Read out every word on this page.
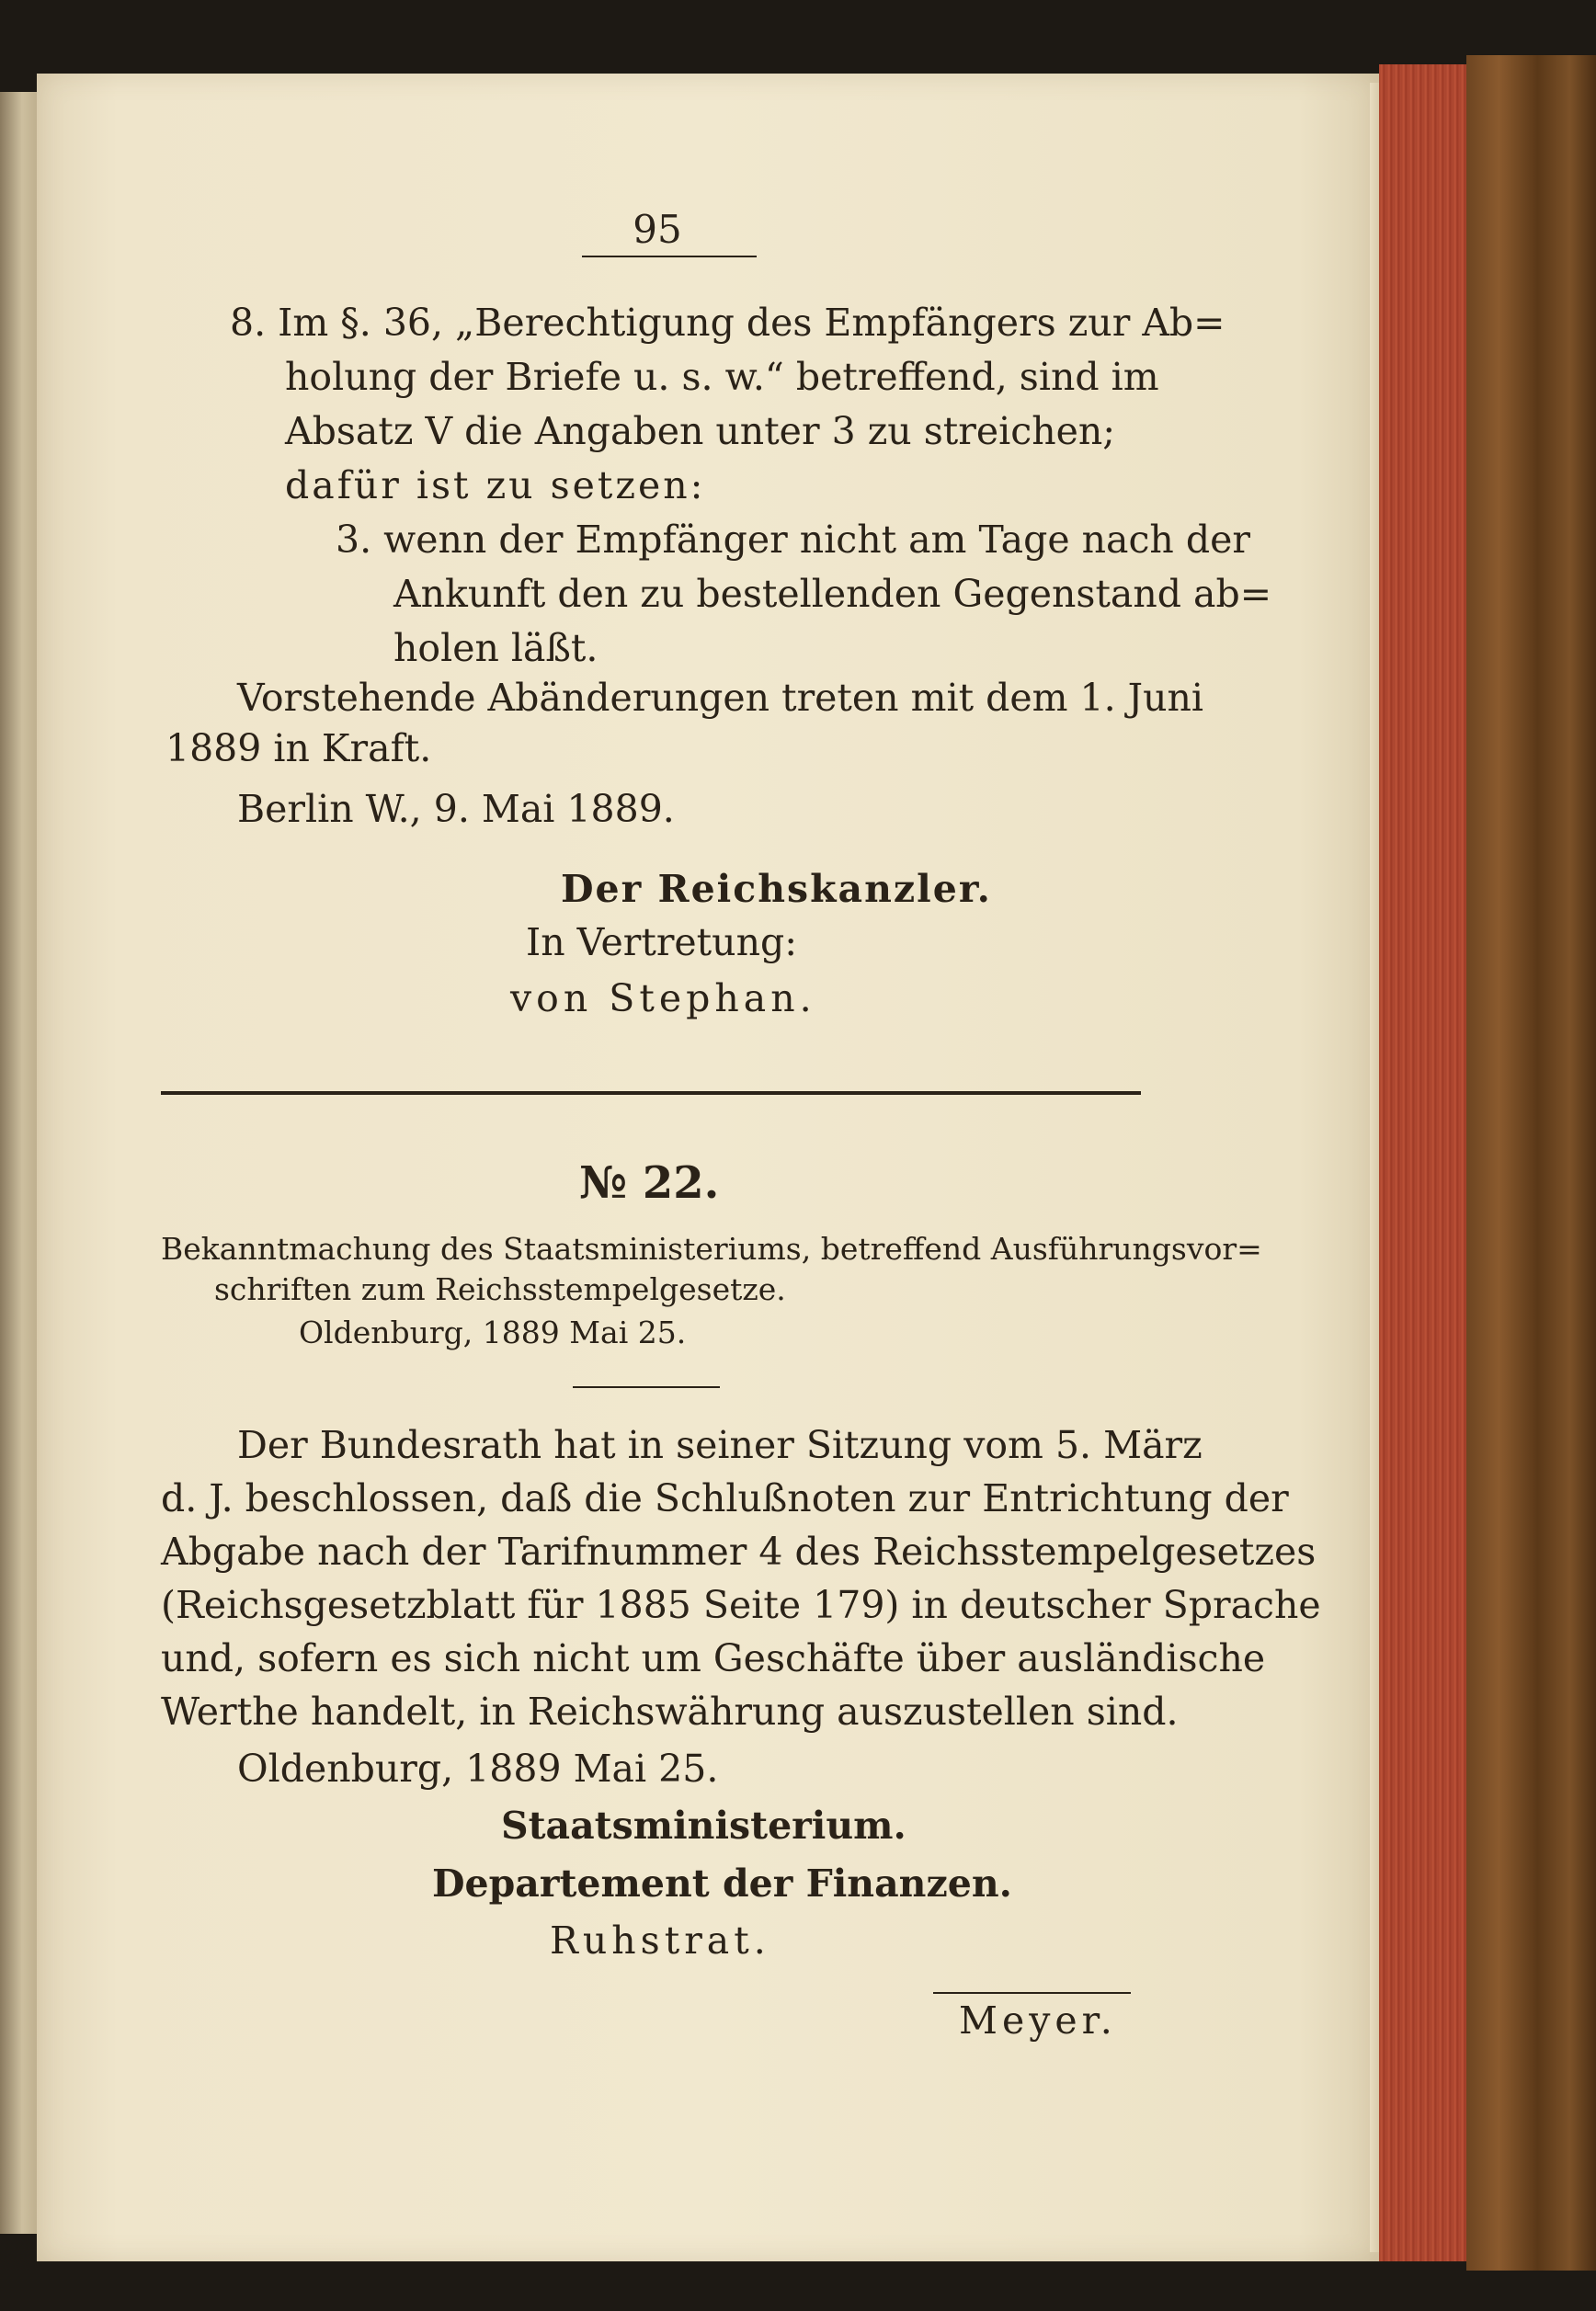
95
8. Im §. 36, „Berechtigung des Empfängers zur Ab=
holung der Briefe u. s. w.“ betreffend, sind im
Absatz V die Angaben unter 3 zu streichen;
dafür ist zu setzen:
3. wenn der Empfänger nicht am Tage nach der
Ankunft den zu bestellenden Gegenstand ab=
holen läßt.
Vorstehende Abänderungen treten mit dem 1. Juni
1889 in Kraft.
Berlin W., 9. Mai 1889.
Der Reichskanzler.
In Vertretung:
von Stephan.
№ 22.
Bekanntmachung des Staatsministeriums, betreffend Ausführungsvor=
schriften zum Reichsstempelgesetze.
Oldenburg, 1889 Mai 25.
Der Bundesrath hat in seiner Sitzung vom 5. März
d. J. beschlossen, daß die Schlußnoten zur Entrichtung der
Abgabe nach der Tarifnummer 4 des Reichsstempelgesetzes
(Reichsgesetzblatt für 1885 Seite 179) in deutscher Sprache
und, sofern es sich nicht um Geschäfte über ausländische
Werthe handelt, in Reichswährung auszustellen sind.
Oldenburg, 1889 Mai 25.
Staatsministerium.
Departement der Finanzen.
Ruhstrat.
Meyer.
